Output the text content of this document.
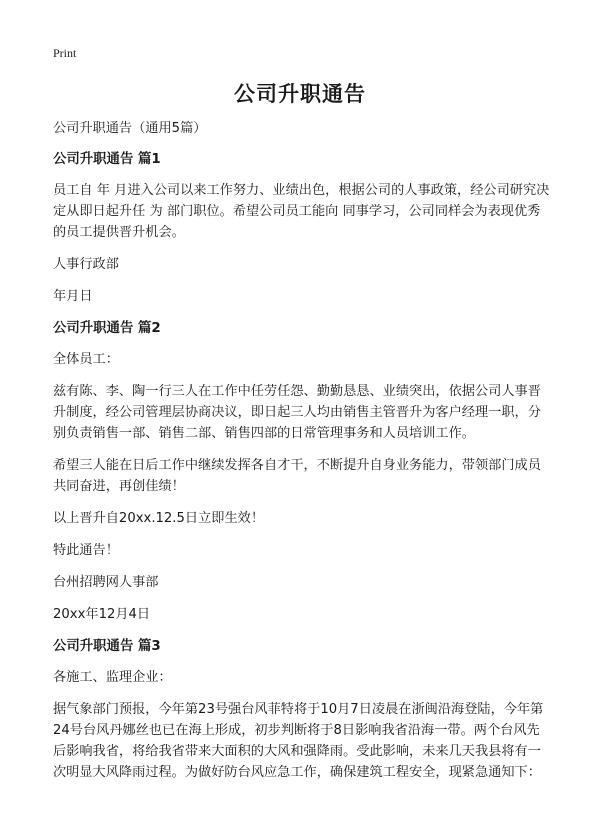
Print
公司升职通告

公司升职通告（通用5篇）

公司升职通告 篇1

员工自 年 月进入公司以来工作努力、业绩出色，根据公司的人事政策，经公司研究决定从即日起升任 为 部门职位。希望公司员工能向 同事学习，公司同样会为表现优秀的员工提供晋升机会。

人事行政部

年月日

公司升职通告 篇2

全体员工：

兹有陈、李、陶一行三人在工作中任劳任怨、勤勤恳恳、业绩突出，依据公司人事晋升制度，经公司管理层协商决议，即日起三人均由销售主管晋升为客户经理一职，分别负责销售一部、销售二部、销售四部的日常管理事务和人员培训工作。

希望三人能在日后工作中继续发挥各自才干，不断提升自身业务能力，带领部门成员共同奋进，再创佳绩！

以上晋升自20xx.12.5日立即生效！

特此通告！

台州招聘网人事部

20xx年12月4日

公司升职通告 篇3

各施工、监理企业：

据气象部门预报，今年第23号强台风菲特将于10月7日凌晨在浙闽沿海登陆，今年第24号台风丹娜丝也已在海上形成，初步判断将于8日影响我省沿海一带。两个台风先后影响我省，将给我省带来大面积的大风和强降雨。受此影响，未来几天我县将有一次明显大风降雨过程。为做好防台风应急工作，确保建筑工程安全，现紧急通知下：
